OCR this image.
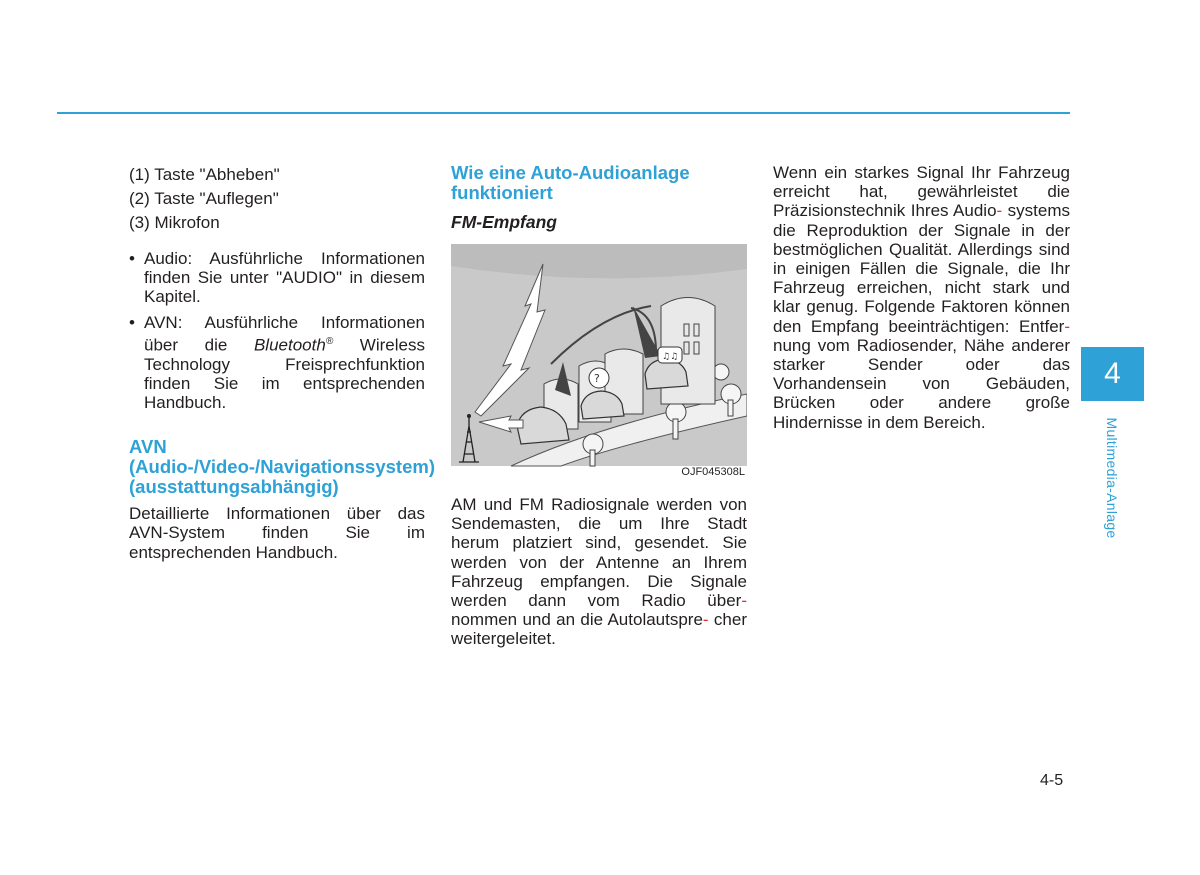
(1) Taste "Abheben"
(2) Taste "Auflegen"
(3) Mikrofon
• Audio: Ausführliche Informationen finden Sie unter "AUDIO" in diesem Kapitel.
• AVN: Ausführliche Informationen über die Bluetooth® Wireless Technology Freisprechfunktion finden Sie im entsprechenden Handbuch.
AVN (Audio-/Video-/Navigationssystem) (ausstattungsabhängig)

Detaillierte Informationen über das AVN-System finden Sie im entsprechenden Handbuch.

Wie eine Auto-Audioanlage funktioniert
FM-Empfang
?
♫♫
OJF045308L

AM und FM Radiosignale werden von Sendemasten, die um Ihre Stadt herum platziert sind, gesendet. Sie werden von der Antenne an Ihrem Fahrzeug empfangen. Die Signale werden dann vom Radio über- nommen und an die Autolautspre- cher weitergeleitet.

Wenn ein starkes Signal Ihr Fahrzeug erreicht hat, gewährleistet die Präzisionstechnik Ihres Audio- systems die Reproduktion der Signale in der bestmöglichen Qualität. Allerdings sind in einigen Fällen die Signale, die Ihr Fahrzeug erreichen, nicht stark und klar genug. Folgende Faktoren können den Empfang beeinträchtigen: Entfer- nung vom Radiosender, Nähe anderer starker Sender oder das Vorhandensein von Gebäuden, Brücken oder andere große Hindernisse in dem Bereich.

4
Multimedia-Anlage
4-5
